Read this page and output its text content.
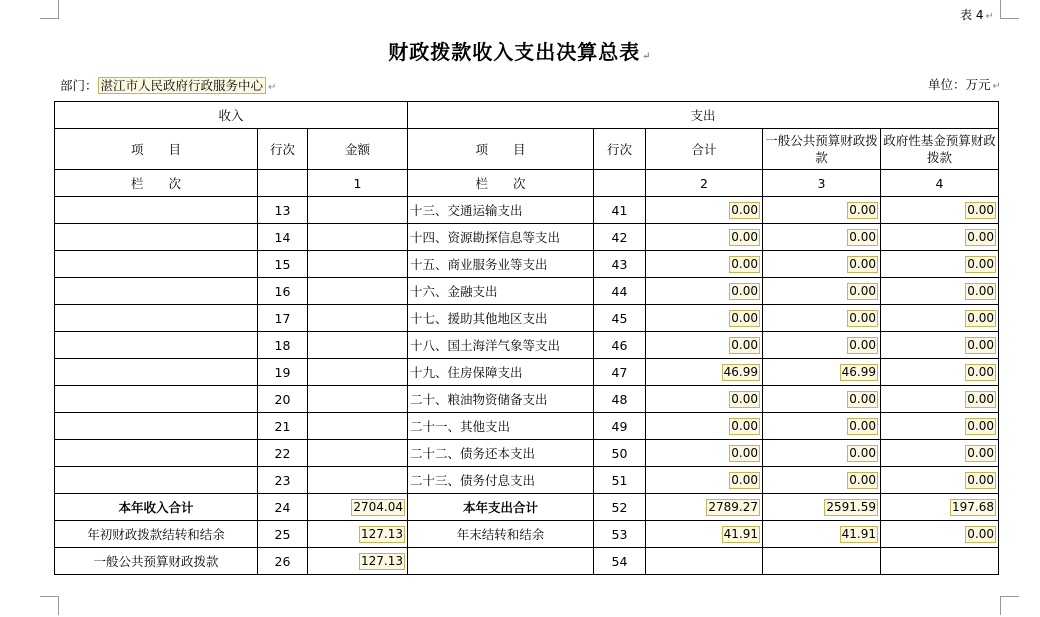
表 4 ↵
财政拨款收入支出决算总表 ↵
部门： 湛江市人民政府行政服务中心 ↵	单位：万元 ↵
收入			支出				
项　　目	行次	金额	项　　目	行次	合计	一般公共预算财政拨款	政府性基金预算财政拨款
栏　　次		1	栏　　次		2	3	4
	13		十三、交通运输支出	41	0.00	0.00	0.00
	14		十四、资源勘探信息等支出	42	0.00	0.00	0.00
	15		十五、商业服务业等支出	43	0.00	0.00	0.00
	16		十六、金融支出	44	0.00	0.00	0.00
	17		十七、援助其他地区支出	45	0.00	0.00	0.00
	18		十八、国土海洋气象等支出	46	0.00	0.00	0.00
	19		十九、住房保障支出	47	46.99	46.99	0.00
	20		二十、粮油物资储备支出	48	0.00	0.00	0.00
	21		二十一、其他支出	49	0.00	0.00	0.00
	22		二十二、债务还本支出	50	0.00	0.00	0.00
	23		二十三、债务付息支出	51	0.00	0.00	0.00
本年收入合计	24	2704.04	本年支出合计	52	2789.27	2591.59	197.68
年初财政拨款结转和结余	25	127.13	年末结转和结余	53	41.91	41.91	0.00
一般公共预算财政拨款	26	127.13		54			
